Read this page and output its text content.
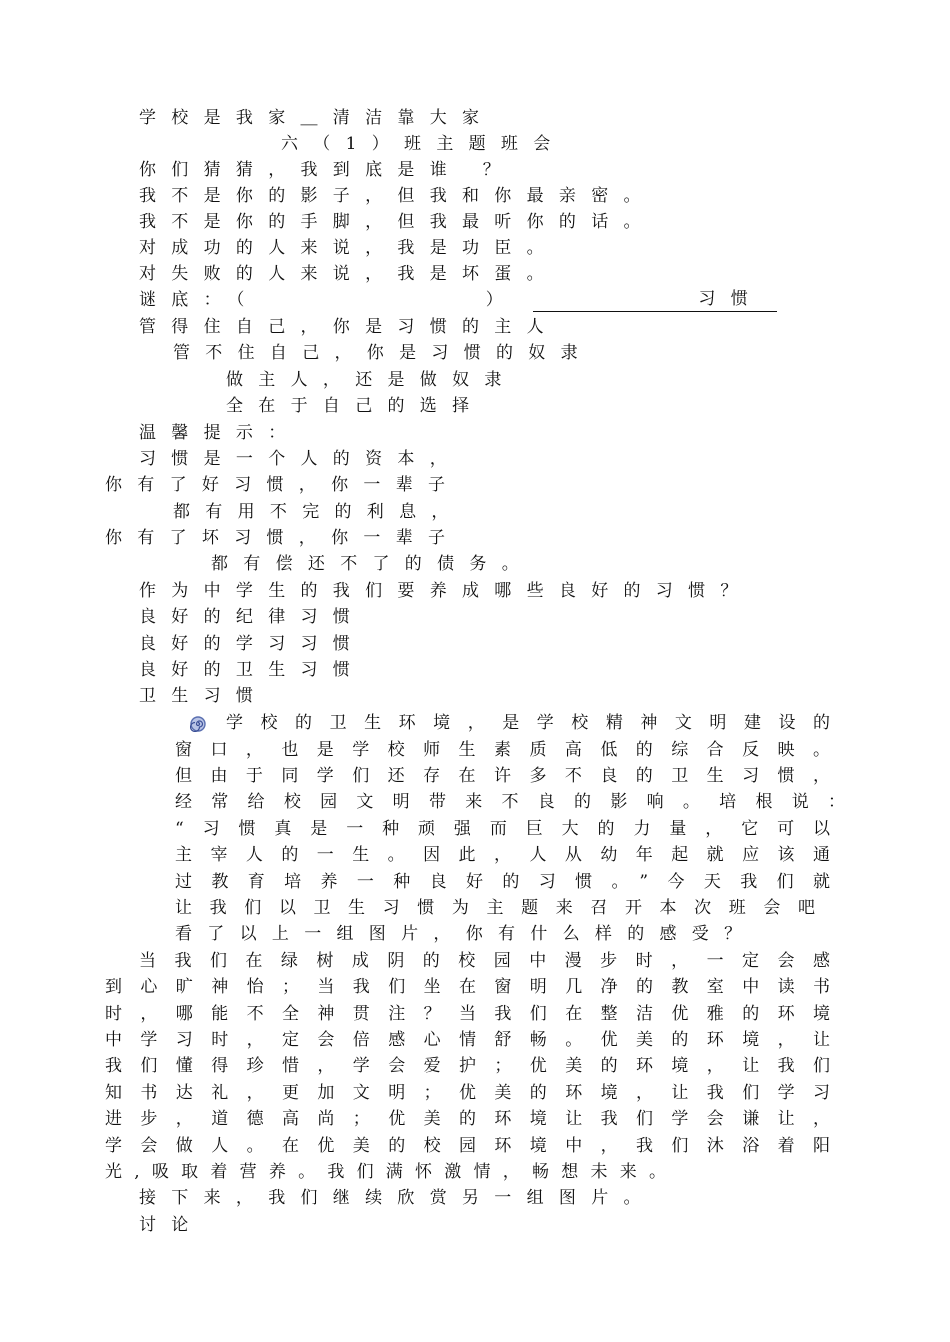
学校是我家＿清洁靠大家

六（1）班主题班会

你们猜猜，我到底是谁 ？

我不是你的影子，但我和你最亲密。

我不是你的手脚，但我最听你的话。

对成功的人来说，我是功臣。

对失败的人来说，我是坏蛋。

谜底：（　　　　　　　）	习惯

管得住自己，你是习惯的主人

管不住自己，你是习惯的奴隶

做主人，还是做奴隶

全在于自己的选择

温馨提示：

习惯是一个人的资本，

你有了好习惯，你一辈子

都有用不完的利息，

你有了坏习惯，你一辈子

都有偿还不了的债务。

作为中学生的我们要养成哪些良好的习惯？

良好的纪律习惯

良好的学习习惯

良好的卫生习惯

卫生习惯

学校的卫生环境，是学校精神文明建设的

窗口，也是学校师生素质高低的综合反映。

但由于同学们还存在许多不良的卫生习惯，

经常给校园文明带来不良的影响。培根说：

“习惯真是一种顽强而巨大的力量，它可以

主宰人的一生。因此，人从幼年起就应该通

过教育培养一种良好的习惯。”今天我们就

让我们以卫生习惯为主题来召开本次班会吧

看了以上一组图片，你有什么样的感受？

当我们在绿树成阴的校园中漫步时，一定会感

到心旷神怡；当我们坐在窗明几净的教室中读书

时，哪能不全神贯注？当我们在整洁优雅的环境

中学习时，定会倍感心情舒畅。优美的环境，让

我们懂得珍惜，学会爱护；优美的环境，让我们

知书达礼，更加文明；优美的环境，让我们学习

进步，道德高尚；优美的环境让我们学会谦让，

学会做人。在优美的校园环境中，我们沐浴着阳

光,吸取着营养。我们满怀激情，畅想未来。

接下来，我们继续欣赏另一组图片。

讨论
